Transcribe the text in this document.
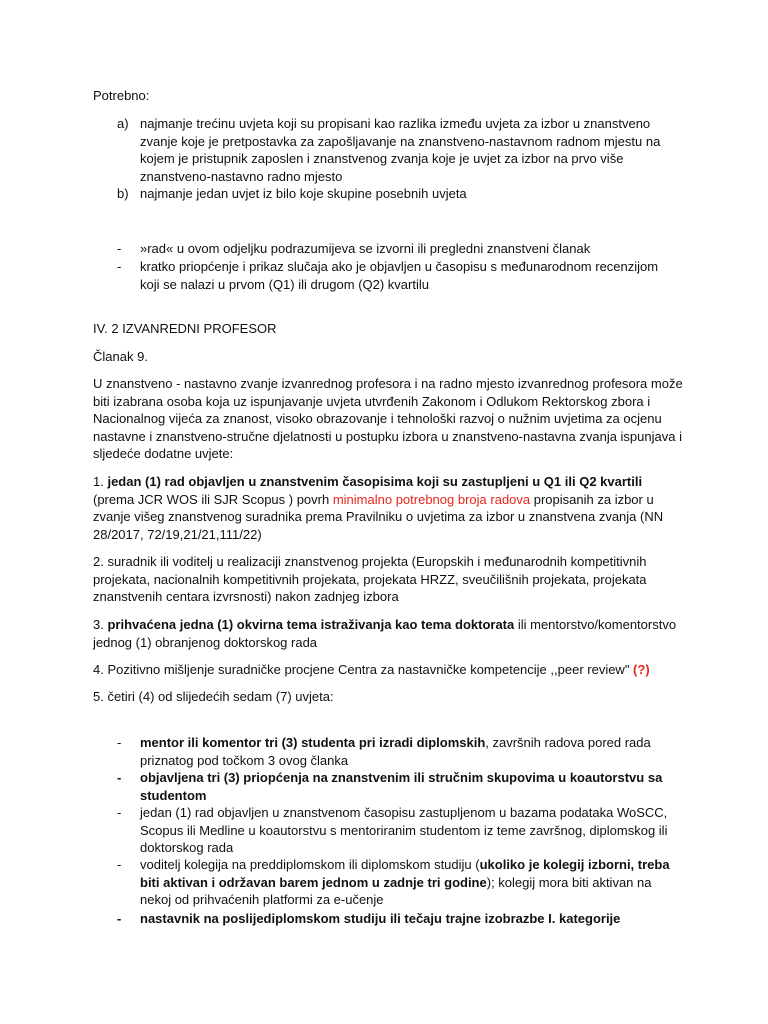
Potrebno:

a) najmanje trećinu uvjeta koji su propisani kao razlika između uvjeta za izbor u znanstveno zvanje koje je pretpostavka za zapošljavanje na znanstveno-nastavnom radnom mjestu na kojem je pristupnik zaposlen i znanstvenog zvanja koje je uvjet za izbor na prvo više znanstveno-nastavno radno mjesto
b) najmanje jedan uvjet iz bilo koje skupine posebnih uvjeta
- »rad« u ovom odjeljku podrazumijeva se izvorni ili pregledni znanstveni članak
- kratko priopćenje i prikaz slučaja ako je objavljen u časopisu s međunarodnom recenzijom koji se nalazi u prvom (Q1) ili drugom (Q2) kvartilu

IV. 2 IZVANREDNI PROFESOR

Članak 9.

U znanstveno - nastavno zvanje izvanrednog profesora i na radno mjesto izvanrednog profesora može biti izabrana osoba koja uz ispunjavanje uvjeta utvrđenih Zakonom i Odlukom Rektorskog zbora i Nacionalnog vijeća za znanost, visoko obrazovanje i tehnološki razvoj o nužnim uvjetima za ocjenu nastavne i znanstveno-stručne djelatnosti u postupku izbora u znanstveno-nastavna zvanja ispunjava i sljedeće dodatne uvjete:

1. jedan (1) rad objavljen u znanstvenim časopisima koji su zastupljeni u Q1 ili Q2 kvartili (prema JCR WOS ili SJR Scopus ) povrh minimalno potrebnog broja radova propisanih za izbor u zvanje višeg znanstvenog suradnika prema Pravilniku o uvjetima za izbor u znanstvena zvanja (NN 28/2017, 72/19,21/21,111/22)

2. suradnik ili voditelj u realizaciji znanstvenog projekta (Europskih i međunarodnih kompetitivnih projekata, nacionalnih kompetitivnih projekata, projekata HRZZ, sveučilišnih projekata, projekata znanstvenih centara izvrsnosti) nakon zadnjeg izbora

3. prihvaćena jedna (1) okvirna tema istraživanja kao tema doktorata ili mentorstvo/komentorstvo jednog (1) obranjenog doktorskog rada

4. Pozitivno mišljenje suradničke procjene Centra za nastavničke kompetencije ,,peer review" (?)

5. četiri (4) od slijedećih sedam (7) uvjeta:

- mentor ili komentor tri (3) studenta pri izradi diplomskih, završnih radova pored rada priznatog pod točkom 3 ovog članka
- objavljena tri (3) priopćenja na znanstvenim ili stručnim skupovima u koautorstvu sa studentom
- jedan (1) rad objavljen u znanstvenom časopisu zastupljenom u bazama podataka WoSCC, Scopus ili Medline u koautorstvu s mentoriranim studentom iz teme završnog, diplomskog ili doktorskog rada
- voditelj kolegija na preddiplomskom ili diplomskom studiju (ukoliko je kolegij izborni, treba biti aktivan i održavan barem jednom u zadnje tri godine); kolegij mora biti aktivan na nekoj od prihvaćenih platformi za e-učenje
- nastavnik na poslijediplomskom studiju ili tečaju trajne izobrazbe I. kategorije
